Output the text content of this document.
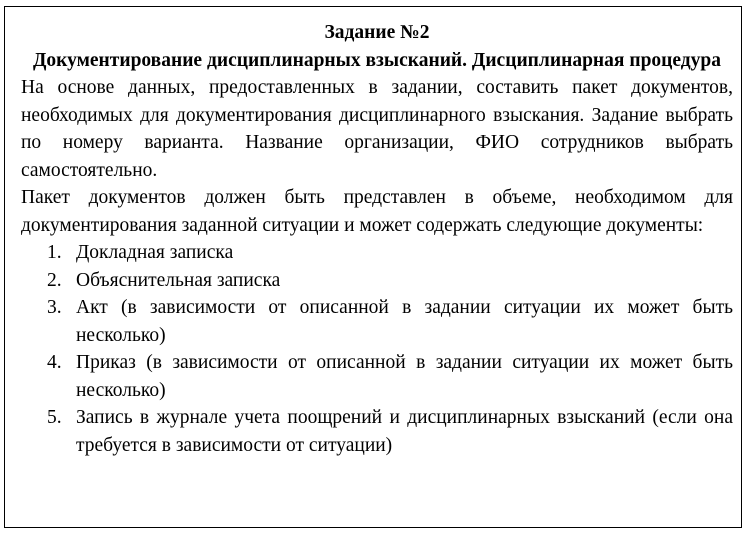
Задание №2

Документирование дисциплинарных взысканий. Дисциплинарная процедура

На основе данных, предоставленных в задании, составить пакет документов, необходимых для документирования дисциплинарного взыскания. Задание выбрать по номеру варианта. Название организации, ФИО сотрудников выбрать самостоятельно.

Пакет документов должен быть представлен в объеме, необходимом для документирования заданной ситуации и может содержать следующие документы:

1. Докладная записка
2. Объяснительная записка
3. Акт (в зависимости от описанной в задании ситуации их может быть несколько)
4. Приказ (в зависимости от описанной в задании ситуации их может быть несколько)
5. Запись в журнале учета поощрений и дисциплинарных взысканий (если она требуется в зависимости от ситуации)
